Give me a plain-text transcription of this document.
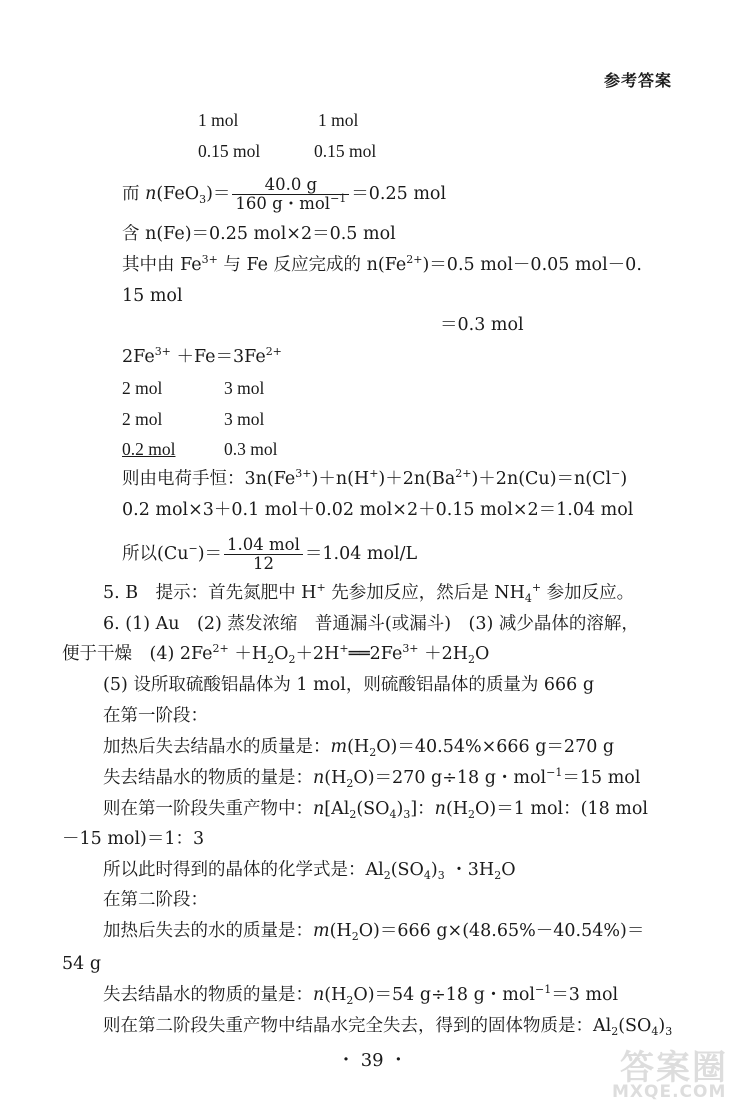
参考答案
1 mol	1 mol
0.15 mol	0.15 mol
而 $n(FeO_3)= \frac{40.0 g}{160 g・mol^{-1}} =0.25$ mol
含 n(Fe)＝0.25 mol×2＝0.5 mol
其中由 $Fe^{3+}$ 与 Fe 反应完成的 $n(Fe^{2+})=0.5$ mol－0.05 mol－0.
15 mol
＝0.3 mol
$2Fe^{3+} +Fe=3Fe^{2+}$
2 mol	3 mol
2 mol	3 mol
0.2 mol	0.3 mol
则由电荷手恒：$3n(Fe^{3+})+n(H^+)+2n(Ba^{2+})+2n(Cu)=n(Cl^-)$
0.2 mol×3＋0.1 mol＋0.02 mol×2＋0.15 mol×2＝1.04 mol
所以$(Cu^-)= \frac{\text{1.04 mol}}{12} =1.04$ mol/L
5. B　提示：首先氮肥中 H+ 先参加反应，然后是 $NH_4^+$ 参加反应。
6. (1) Au　(2) 蒸发浓缩　普通漏斗(或漏斗)　(3) 减少晶体的溶解，
便于干燥　(4) $2Fe^{2+}$ $+H_2O_2+2H^+══2Fe^{3+} +2H_2O$
(5) 设所取硫酸铝晶体为 1 mol，则硫酸铝晶体的质量为 666 g
在第一阶段：
加热后失去结晶水的质量是：$m(H_2O)=40.54\%\times 666$ g＝270 g
失去结晶水的物质的量是：$n(H_2O)=270$ g÷18 g・mol$^{-1}$＝15 mol
则在第一阶段失重产物中：$n[Al_2(SO_4)_3]$：$n(H_2O)=1$ mol：(18 mol
－15 mol)＝1：3
所以此时得到的晶体的化学式是：$Al_2(SO_4)_3$ ・$3H_2O$
在第二阶段：
加热后失去的水的质量是：$m(H_2O)=666$ g×(48.65%－40.54%)＝
54 g
失去结晶水的物质的量是：$n(H_2O)=54$ g÷18 g・mol$^{-1}$＝3 mol
则在第二阶段失重产物中结晶水完全失去，得到的固体物质是：$Al_2(SO_4)_3$
・ 39 ・	答案圈
MXQE.COM
